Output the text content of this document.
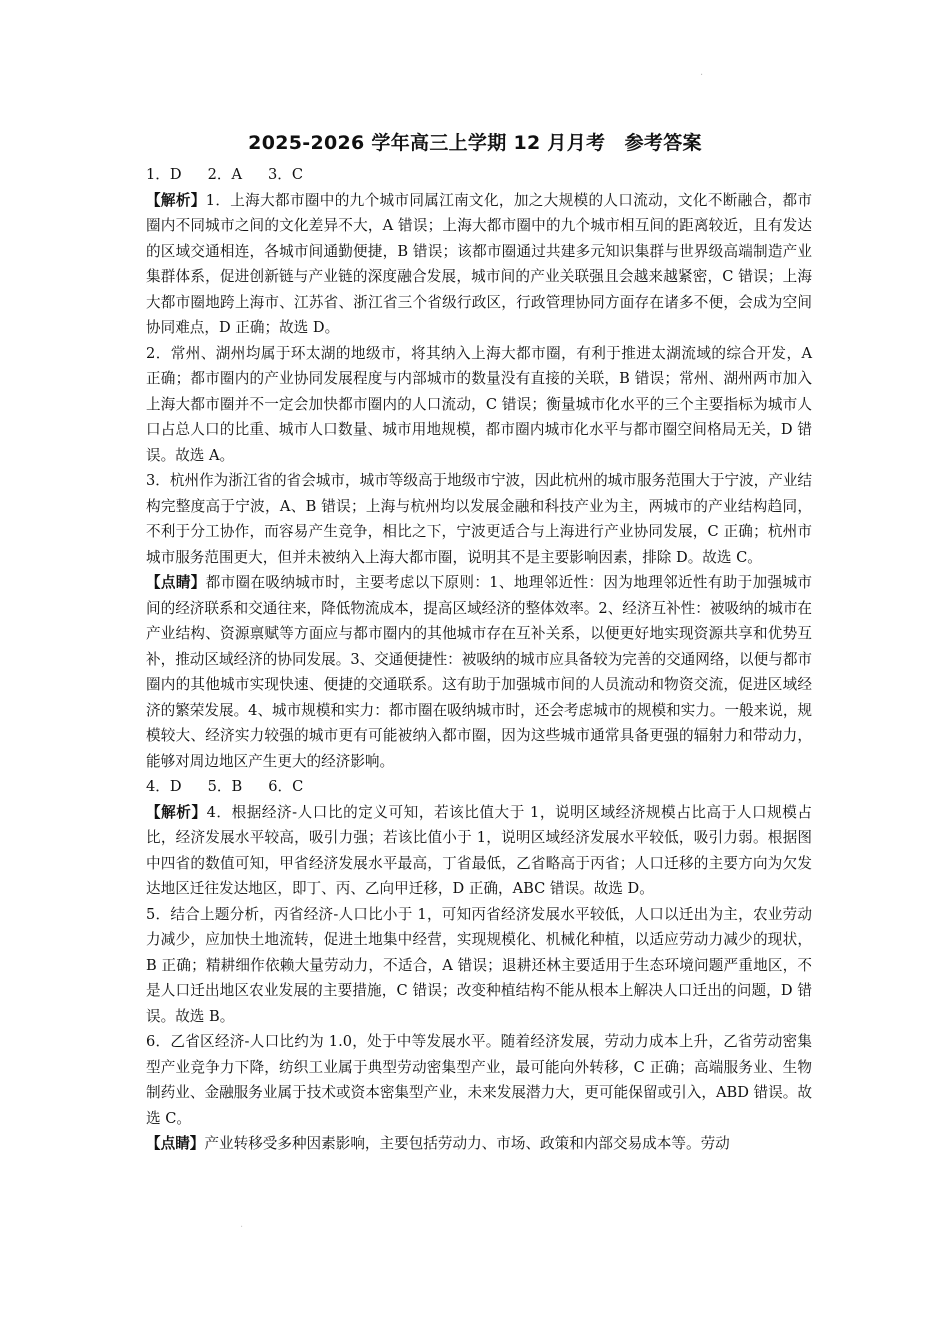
·
2025-2026 学年高三上学期 12 月月考　参考答案

1．D 2．A 3．C

【解析】1．上海大都市圈中的九个城市同属江南文化，加之大规模的人口流动，文化不断融合，都市圈内不同城市之间的文化差异不大，A 错误；上海大都市圈中的九个城市相互间的距离较近，且有发达的区域交通相连，各城市间通勤便捷，B 错误；该都市圈通过共建多元知识集群与世界级高端制造产业集群体系，促进创新链与产业链的深度融合发展，城市间的产业关联强且会越来越紧密，C 错误；上海大都市圈地跨上海市、江苏省、浙江省三个省级行政区，行政管理协同方面存在诸多不便，会成为空间协同难点，D 正确；故选 D。

2．常州、湖州均属于环太湖的地级市，将其纳入上海大都市圈，有利于推进太湖流域的综合开发，A 正确；都市圈内的产业协同发展程度与内部城市的数量没有直接的关联，B 错误；常州、湖州两市加入上海大都市圈并不一定会加快都市圈内的人口流动，C 错误；衡量城市化水平的三个主要指标为城市人口占总人口的比重、城市人口数量、城市用地规模，都市圈内城市化水平与都市圈空间格局无关，D 错误。故选 A。

3．杭州作为浙江省的省会城市，城市等级高于地级市宁波，因此杭州的城市服务范围大于宁波，产业结构完整度高于宁波，A、B 错误；上海与杭州均以发展金融和科技产业为主，两城市的产业结构趋同，不利于分工协作，而容易产生竞争，相比之下，宁波更适合与上海进行产业协同发展，C 正确；杭州市城市服务范围更大，但并未被纳入上海大都市圈，说明其不是主要影响因素，排除 D。故选 C。

【点睛】都市圈在吸纳城市时，主要考虑以下原则：1、地理邻近性：因为地理邻近性有助于加强城市间的经济联系和交通往来，降低物流成本，提高区域经济的整体效率。2、经济互补性：被吸纳的城市在产业结构、资源禀赋等方面应与都市圈内的其他城市存在互补关系，以便更好地实现资源共享和优势互补，推动区域经济的协同发展。3、交通便捷性：被吸纳的城市应具备较为完善的交通网络，以便与都市圈内的其他城市实现快速、便捷的交通联系。这有助于加强城市间的人员流动和物资交流，促进区域经济的繁荣发展。4、城市规模和实力：都市圈在吸纳城市时，还会考虑城市的规模和实力。一般来说，规模较大、经济实力较强的城市更有可能被纳入都市圈，因为这些城市通常具备更强的辐射力和带动力，能够对周边地区产生更大的经济影响。

4．D 5．B 6．C

【解析】4．根据经济-人口比的定义可知，若该比值大于 1，说明区域经济规模占比高于人口规模占比，经济发展水平较高，吸引力强；若该比值小于 1，说明区域经济发展水平较低，吸引力弱。根据图中四省的数值可知，甲省经济发展水平最高，丁省最低，乙省略高于丙省；人口迁移的主要方向为欠发达地区迁往发达地区，即丁、丙、乙向甲迁移，D 正确，ABC 错误。故选 D。

5．结合上题分析，丙省经济-人口比小于 1，可知丙省经济发展水平较低，人口以迁出为主，农业劳动力减少，应加快土地流转，促进土地集中经营，实现规模化、机械化种植，以适应劳动力减少的现状，B 正确；精耕细作依赖大量劳动力，不适合，A 错误；退耕还林主要适用于生态环境问题严重地区，不是人口迁出地区农业发展的主要措施，C 错误；改变种植结构不能从根本上解决人口迁出的问题，D 错误。故选 B。

6．乙省区经济-人口比约为 1.0，处于中等发展水平。随着经济发展，劳动力成本上升，乙省劳动密集型产业竞争力下降，纺织工业属于典型劳动密集型产业，最可能向外转移，C 正确；高端服务业、生物制药业、金融服务业属于技术或资本密集型产业，未来发展潜力大，更可能保留或引入，ABD 错误。故选 C。

【点睛】产业转移受多种因素影响，主要包括劳动力、市场、政策和内部交易成本等。劳动

·
